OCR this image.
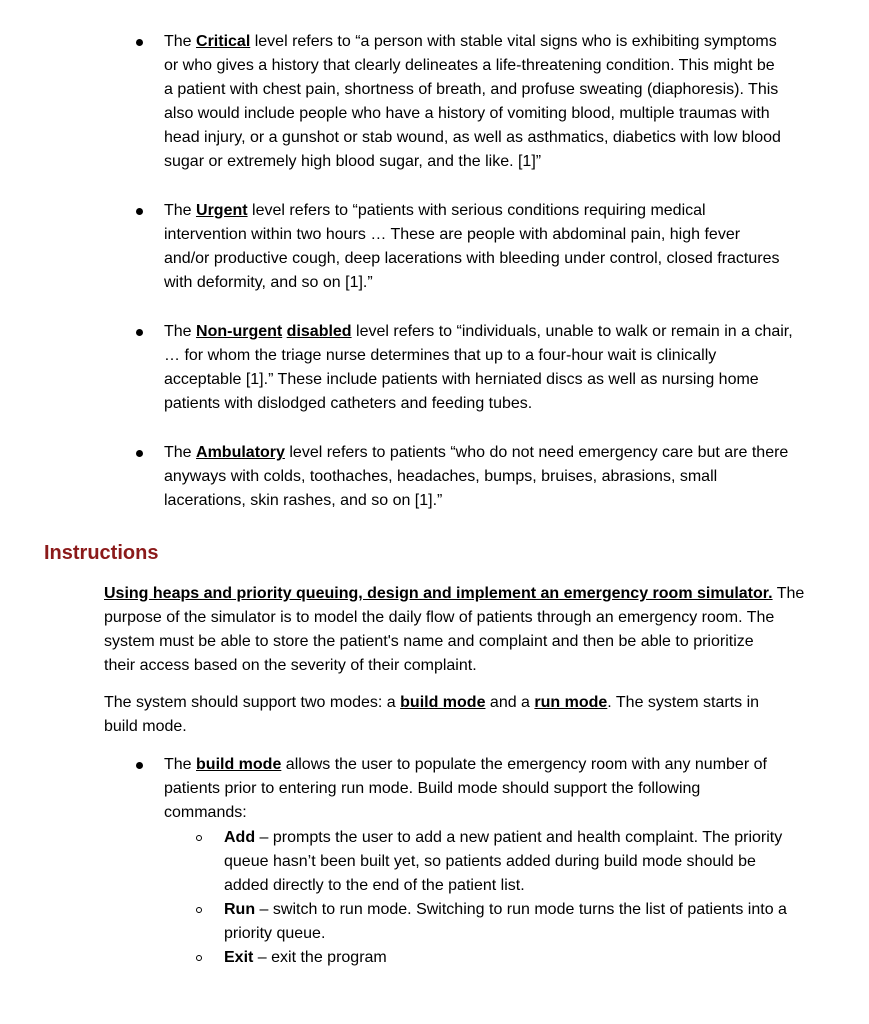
The Critical level refers to “a person with stable vital signs who is exhibiting symptoms
or who gives a history that clearly delineates a life-threatening condition. This might be
a patient with chest pain, shortness of breath, and profuse sweating (diaphoresis). This
also would include people who have a history of vomiting blood, multiple traumas with
head injury, or a gunshot or stab wound, as well as asthmatics, diabetics with low blood
sugar or extremely high blood sugar, and the like. [1]”
The Urgent level refers to “patients with serious conditions requiring medical
intervention within two hours … These are people with abdominal pain, high fever
and/or productive cough, deep lacerations with bleeding under control, closed fractures
with deformity, and so on [1].”
The Non-urgent disabled level refers to “individuals, unable to walk or remain in a chair,
… for whom the triage nurse determines that up to a four-hour wait is clinically
acceptable [1].” These include patients with herniated discs as well as nursing home
patients with dislodged catheters and feeding tubes.
The Ambulatory level refers to patients “who do not need emergency care but are there
anyways with colds, toothaches, headaches, bumps, bruises, abrasions, small
lacerations, skin rashes, and so on [1].”
Instructions
Using heaps and priority queuing, design and implement an emergency room simulator. The
purpose of the simulator is to model the daily flow of patients through an emergency room. The
system must be able to store the patient's name and complaint and then be able to prioritize
their access based on the severity of their complaint.
The system should support two modes: a build mode and a run mode. The system starts in
build mode.
The build mode allows the user to populate the emergency room with any number of
patients prior to entering run mode. Build mode should support the following
commands:
Add – prompts the user to add a new patient and health complaint. The priority
queue hasn’t been built yet, so patients added during build mode should be
added directly to the end of the patient list.
Run – switch to run mode. Switching to run mode turns the list of patients into a
priority queue.
Exit – exit the program
